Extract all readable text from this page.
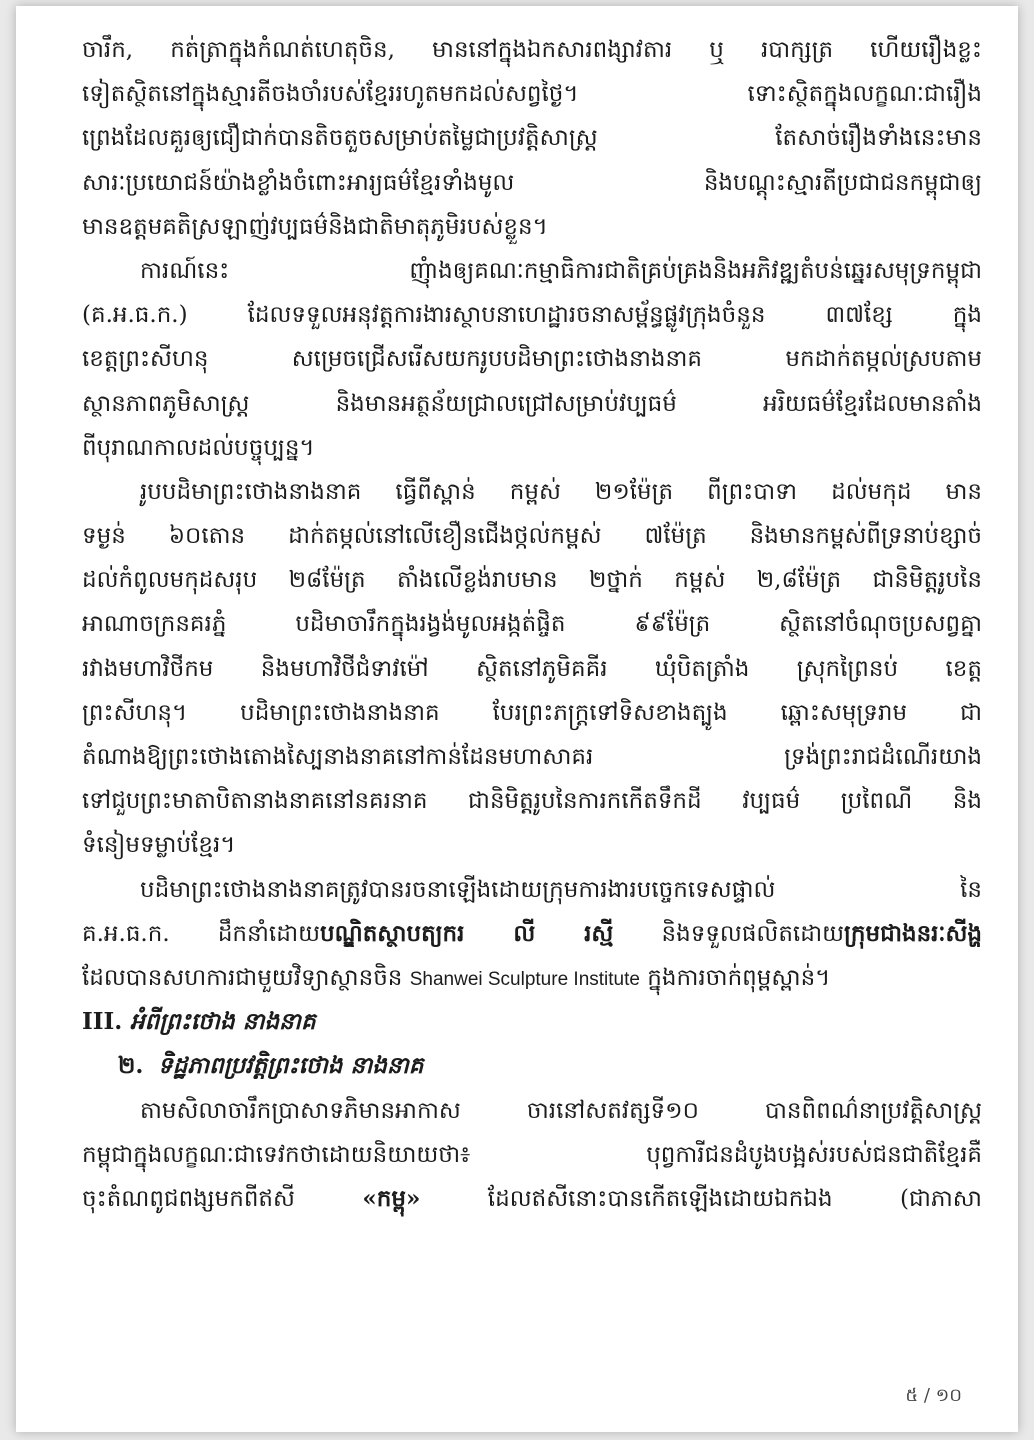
ចារឹក, កត់ត្រាក្នុងកំណត់ហេតុចិន, មាននៅក្នុងឯកសារពង្សាវតារ ឬ របាក្សត្រ ហើយរឿងខ្លះ
ទៀតស្ថិតនៅក្នុងស្មារតីចងចាំរបស់ខ្មែររហូតមកដល់សព្វថ្ងៃ។ ទោះស្ថិតក្នុងលក្ខណៈជារឿង
ព្រេងដែលគួរឲ្យជឿជាក់បានតិចតួចសម្រាប់តម្លៃជាប្រវត្តិសាស្ត្រ តែសាច់រឿងទាំងនេះមាន
សារៈប្រយោជន៍យ៉ាងខ្លាំងចំពោះអារ្យធម៌ខ្មែរទាំងមូល និងបណ្ដុះស្មារតីប្រជាជនកម្ពុជាឲ្យ
មានឧត្ដមគតិស្រឡាញ់វប្បធម៌និងជាតិមាតុភូមិរបស់ខ្លួន។
ការណ៍នេះ ញុំាងឲ្យគណៈកម្មាធិការជាតិគ្រប់គ្រងនិងអភិវឌ្ឍតំបន់ឆ្នេរសមុទ្រកម្ពុជា
(គ.អ.ធ.ក.) ដែលទទួលអនុវត្តការងារស្ថាបនាហេដ្ឋារចនាសម្ព័ន្ធផ្លូវក្រុងចំនួន ៣៧ខ្សែ ក្នុង
ខេត្តព្រះសីហនុ សម្រេចជ្រើសរើសយករូបបដិមាព្រះថោងនាងនាគ មកដាក់តម្កល់ស្របតាម
ស្ថានភាពភូមិសាស្ត្រ និងមានអត្ថន័យជ្រាលជ្រៅសម្រាប់វប្បធម៌ អរិយធម៌ខ្មែរដែលមានតាំង
ពីបុរាណកាលដល់បច្ចុប្បន្ន។
រូបបដិមាព្រះថោងនាងនាគ ធ្វើពីស្ពាន់ កម្ពស់ ២១ម៉ែត្រ ពីព្រះបាទា ដល់មកុដ មាន
ទម្ងន់ ៦០តោន ដាក់តម្កល់នៅលើខឿនជើងថ្កល់កម្ពស់ ៧ម៉ែត្រ និងមានកម្ពស់ពីទ្រនាប់ខ្សាច់
ដល់កំពូលមកុដសរុប ២៨ម៉ែត្រ តាំងលើខ្លង់រាបមាន ២ថ្នាក់ កម្ពស់ ២,៨ម៉ែត្រ ជានិមិត្តរូបនៃ
អាណាចក្រនគរភ្នំ បដិមាចារឹកក្នុងរង្វង់មូលអង្កត់ផ្ចិត ៩៩ម៉ែត្រ ស្ថិតនៅចំណុចប្រសព្វគ្នា
រវាងមហាវិថីកម និងមហាវិថីជំទាវម៉ៅ ស្ថិតនៅភូមិគគីរ ឃុំបិតត្រាំង ស្រុកព្រៃនប់ ខេត្ត
ព្រះសីហនុ។ បដិមាព្រះថោងនាងនាគ បែរព្រះភក្ត្រទៅទិសខាងត្បូង ឆ្ពោះសមុទ្ររាម ជា
តំណាងឱ្យព្រះថោងតោងស្បៃនាងនាគនៅកាន់ដែនមហាសាគរ ទ្រង់ព្រះរាជដំណើរយាង
ទៅជួបព្រះមាតាបិតានាងនាគនៅនគរនាគ ជានិមិត្តរូបនៃការកកើតទឹកដី វប្បធម៌ ប្រពៃណី និង
ទំនៀមទម្លាប់ខ្មែរ។
បដិមាព្រះថោងនាងនាគត្រូវបានរចនាឡើងដោយក្រុមការងារបច្ចេកទេសផ្ទាល់ នៃ
គ.អ.ធ.ក. ដឹកនាំដោយបណ្ឌិតស្ថាបត្យករ លី រស្មី និងទទួលផលិតដោយក្រុមជាងនរៈសីង្ហ
ដែលបានសហការជាមួយវិទ្យាស្ថានចិន Shanwei Sculpture Institute ក្នុងការចាក់ពុម្ពស្ពាន់។
III. អំពីព្រះថោង នាងនាគ
២. ទិដ្ឋភាពប្រវត្តិព្រះថោង នាងនាគ
តាមសិលាចារឹកប្រាសាទភិមានអាកាស ចារនៅសតវត្សទី១០ បានពិពណ៌នាប្រវត្តិសាស្ត្រ
កម្ពុជាក្នុងលក្ខណៈជាទេវកថាដោយនិយាយថា៖ បុព្វការីជនដំបូងបង្អស់របស់ជនជាតិខ្មែរគឺ
ចុះតំណពូជពង្សមកពីឥសី	«កម្ពុ»	ដែលឥសីនោះបានកើតឡើងដោយឯកឯង (ជាភាសា
៥ / ១០
